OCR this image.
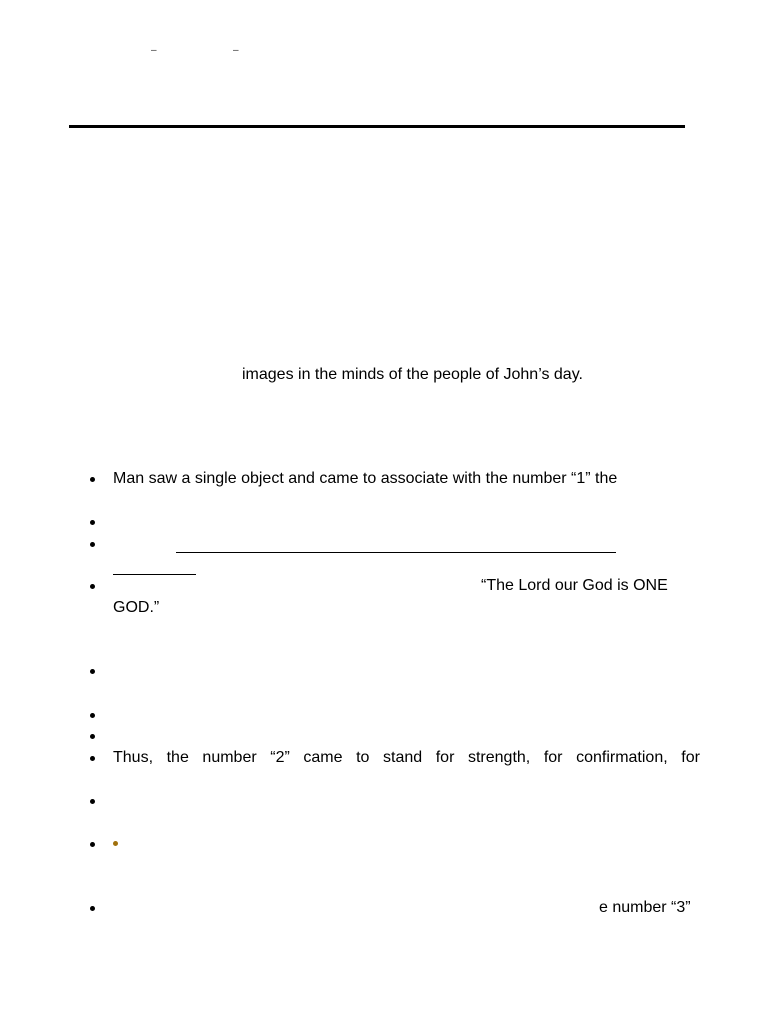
–	–
images in the minds of the people of John’s day.
Man saw a single object and came to associate with the number “1” the
“The Lord our God is ONE
GOD.”
Thus, the number “2” came to stand for strength, for confirmation, for
e number “3”
